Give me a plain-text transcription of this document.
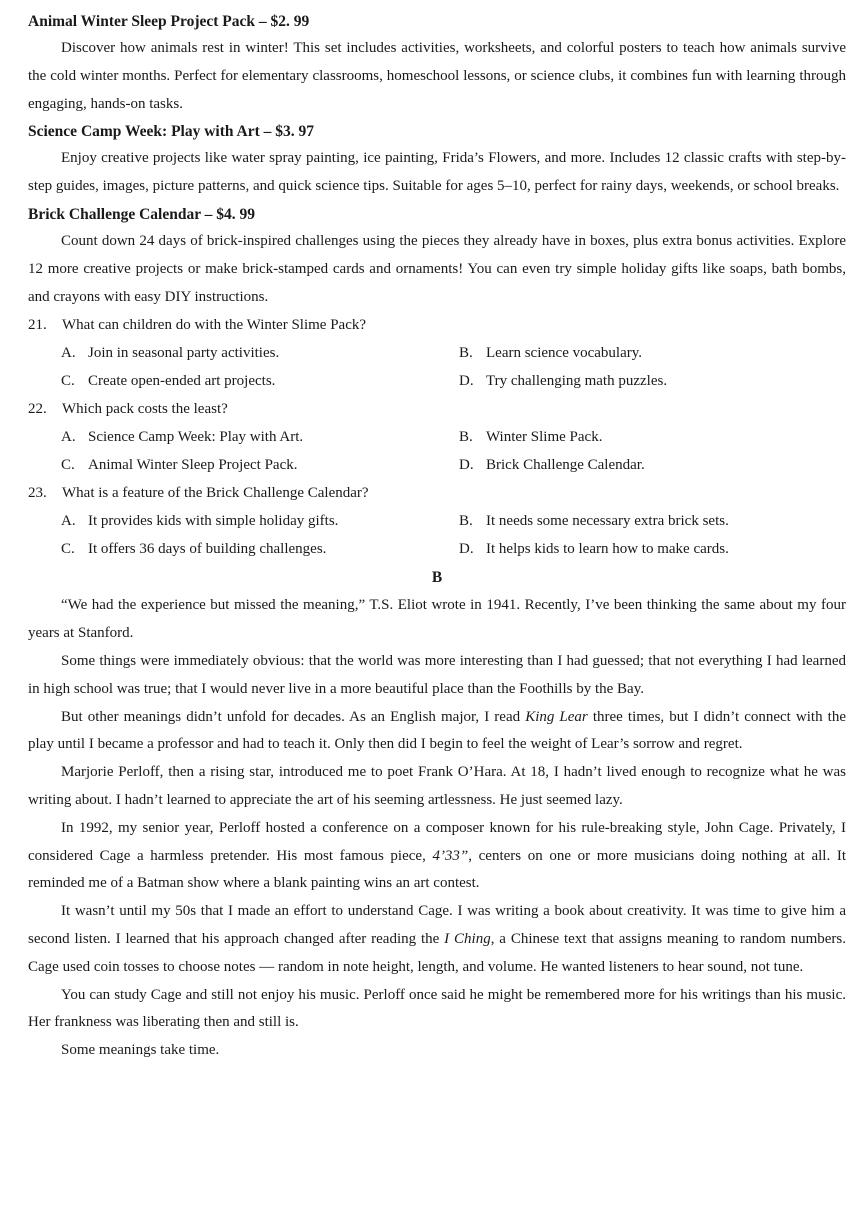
Animal Winter Sleep Project Pack – $2. 99
Discover how animals rest in winter! This set includes activities, worksheets, and colorful posters to teach how animals survive the cold winter months. Perfect for elementary classrooms, homeschool lessons, or science clubs, it combines fun with learning through engaging, hands-on tasks.
Science Camp Week: Play with Art – $3. 97
Enjoy creative projects like water spray painting, ice painting, Frida’s Flowers, and more. Includes 12 classic crafts with step-by-step guides, images, picture patterns, and quick science tips. Suitable for ages 5–10, perfect for rainy days, weekends, or school breaks.
Brick Challenge Calendar – $4. 99
Count down 24 days of brick-inspired challenges using the pieces they already have in boxes, plus extra bonus activities. Explore 12 more creative projects or make brick-stamped cards and ornaments! You can even try simple holiday gifts like soaps, bath bombs, and crayons with easy DIY instructions.
21. What can children do with the Winter Slime Pack?
A. Join in seasonal party activities.	B. Learn science vocabulary.
C. Create open-ended art projects.	D. Try challenging math puzzles.
22. Which pack costs the least?
A. Science Camp Week: Play with Art.	B. Winter Slime Pack.
C. Animal Winter Sleep Project Pack.	D. Brick Challenge Calendar.
23. What is a feature of the Brick Challenge Calendar?
A. It provides kids with simple holiday gifts.	B. It needs some necessary extra brick sets.
C. It offers 36 days of building challenges.	D. It helps kids to learn how to make cards.
B
“We had the experience but missed the meaning,” T.S. Eliot wrote in 1941. Recently, I’ve been thinking the same about my four years at Stanford.
Some things were immediately obvious: that the world was more interesting than I had guessed; that not everything I had learned in high school was true; that I would never live in a more beautiful place than the Foothills by the Bay.
But other meanings didn’t unfold for decades. As an English major, I read King Lear three times, but I didn’t connect with the play until I became a professor and had to teach it. Only then did I begin to feel the weight of Lear’s sorrow and regret.
Marjorie Perloff, then a rising star, introduced me to poet Frank O’Hara. At 18, I hadn’t lived enough to recognize what he was writing about. I hadn’t learned to appreciate the art of his seeming artlessness. He just seemed lazy.
In 1992, my senior year, Perloff hosted a conference on a composer known for his rule-breaking style, John Cage. Privately, I considered Cage a harmless pretender. His most famous piece, 4’33”, centers on one or more musicians doing nothing at all. It reminded me of a Batman show where a blank painting wins an art contest.
It wasn’t until my 50s that I made an effort to understand Cage. I was writing a book about creativity. It was time to give him a second listen. I learned that his approach changed after reading the I Ching, a Chinese text that assigns meaning to random numbers. Cage used coin tosses to choose notes — random in note height, length, and volume. He wanted listeners to hear sound, not tune.
You can study Cage and still not enjoy his music. Perloff once said he might be remembered more for his writings than his music. Her frankness was liberating then and still is.
Some meanings take time.
